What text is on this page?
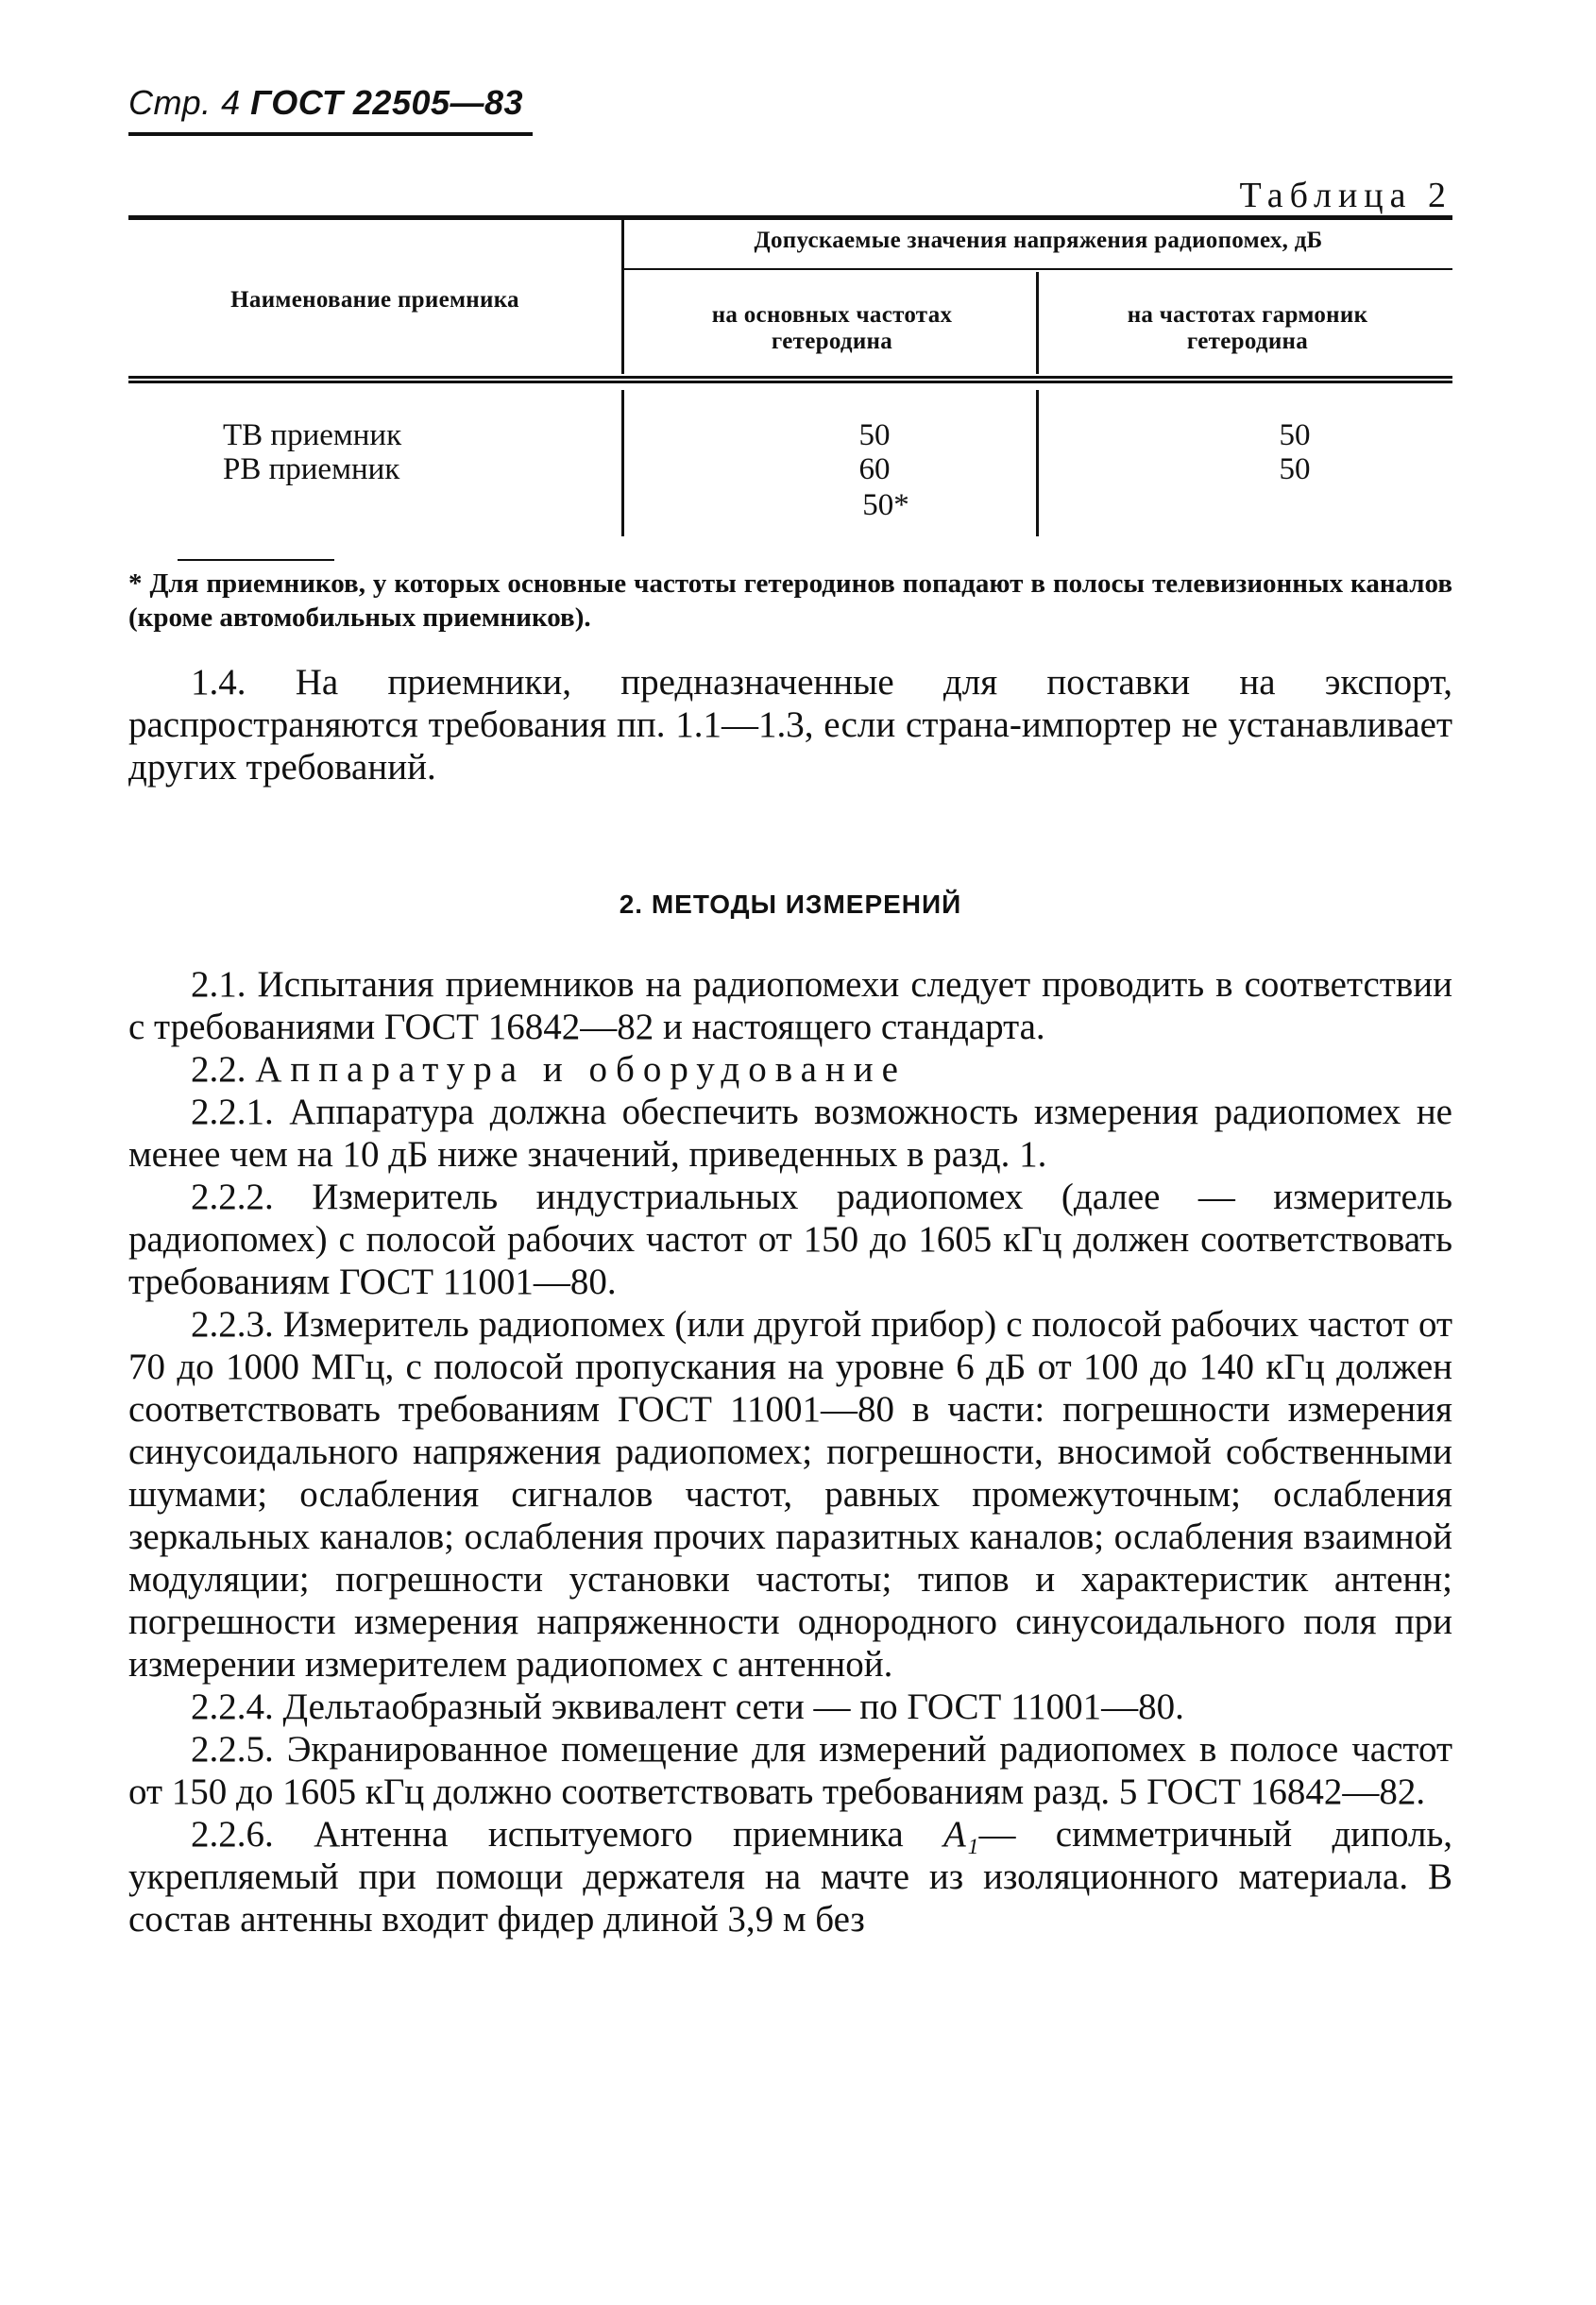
Стр. 4 ГОСТ 22505—83
Таблица 2
Наименование приемника
Допускаемые значения напряжения радиопомех, дБ
на основных частотах гетеродина
на частотах гармоник гетеродина
ТВ приемник
РВ приемник
50
60
50*
50
50
* Для приемников, у которых основные частоты гетеродинов попадают в полосы телевизионных каналов (кроме автомобильных приемников).

1.4. На приемники, предназначенные для поставки на экспорт, распространяются требования пп. 1.1—1.3, если страна-импортер не устанавливает других требований.

2. МЕТОДЫ ИЗМЕРЕНИЙ

2.1. Испытания приемников на радиопомехи следует проводить в соответствии с требованиями ГОСТ 16842—82 и настоящего стандарта.

2.2. Аппаратура и оборудование

2.2.1. Аппаратура должна обеспечить возможность измерения радиопомех не менее чем на 10 дБ ниже значений, приведенных в разд. 1.

2.2.2. Измеритель индустриальных радиопомех (далее — измеритель радиопомех) с полосой рабочих частот от 150 до 1605 кГц должен соответствовать требованиям ГОСТ 11001—80.

2.2.3. Измеритель радиопомех (или другой прибор) с полосой рабочих частот от 70 до 1000 МГц, с полосой пропускания на уровне 6 дБ от 100 до 140 кГц должен соответствовать требованиям ГОСТ 11001—80 в части: погрешности измерения синусоидального напряжения радиопомех; погрешности, вносимой собственными шумами; ослабления сигналов частот, равных промежуточным; ослабления зеркальных каналов; ослабления прочих паразитных каналов; ослабления взаимной модуляции; погрешности установки частоты; типов и характеристик антенн; погрешности измерения напряженности однородного синусоидального поля при измерении измерителем радиопомех с антенной.

2.2.4. Дельтаобразный эквивалент сети — по ГОСТ 11001—80.

2.2.5. Экранированное помещение для измерений радиопомех в полосе частот от 150 до 1605 кГц должно соответствовать требованиям разд. 5 ГОСТ 16842—82.

2.2.6. Антенна испытуемого приемника A₁— симметричный диполь, укрепляемый при помощи держателя на мачте из изоляционного материала. В состав антенны входит фидер длиной 3,9 м без
